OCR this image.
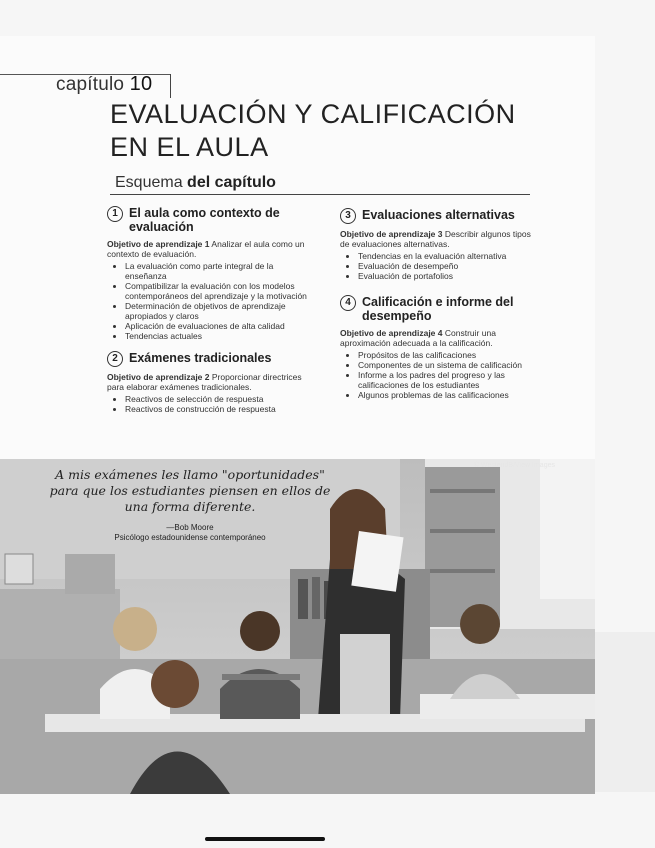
capítulo 10
EVALUACIÓN Y CALIFICACIÓN
EN EL AULA
Esquema del capítulo
1 El aula como contexto de evaluación
Objetivo de aprendizaje 1 Analizar el aula como un contexto de evaluación.
• La evaluación como parte integral de la enseñanza
• Compatibilizar la evaluación con los modelos contemporáneos del aprendizaje y la motivación
• Determinación de objetivos de aprendizaje apropiados y claros
• Aplicación de evaluaciones de alta calidad
• Tendencias actuales
2 Exámenes tradicionales
Objetivo de aprendizaje 2 Proporcionar directrices para elaborar exámenes tradicionales.
• Reactivos de selección de respuesta
• Reactivos de construcción de respuesta
3 Evaluaciones alternativas
Objetivo de aprendizaje 3 Describir algunos tipos de evaluaciones alternativas.
• Tendencias en la evaluación alternativa
• Evaluación de desempeño
• Evaluación de portafolios
4 Calificación e informe del desempeño
Objetivo de aprendizaje 4 Construir una aproximación adecuada a la calificación.
• Propósitos de las calificaciones
• Componentes de un sistema de calificación
• Informe a los padres del progreso y las calificaciones de los estudiantes
• Algunos problemas de las calificaciones
© WestendB/View Images
A mis exámenes les llamo "oportunidades" para que los estudiantes piensen en ellos de una forma diferente.
—Bob Moore
Psicólogo estadounidense contemporáneo
